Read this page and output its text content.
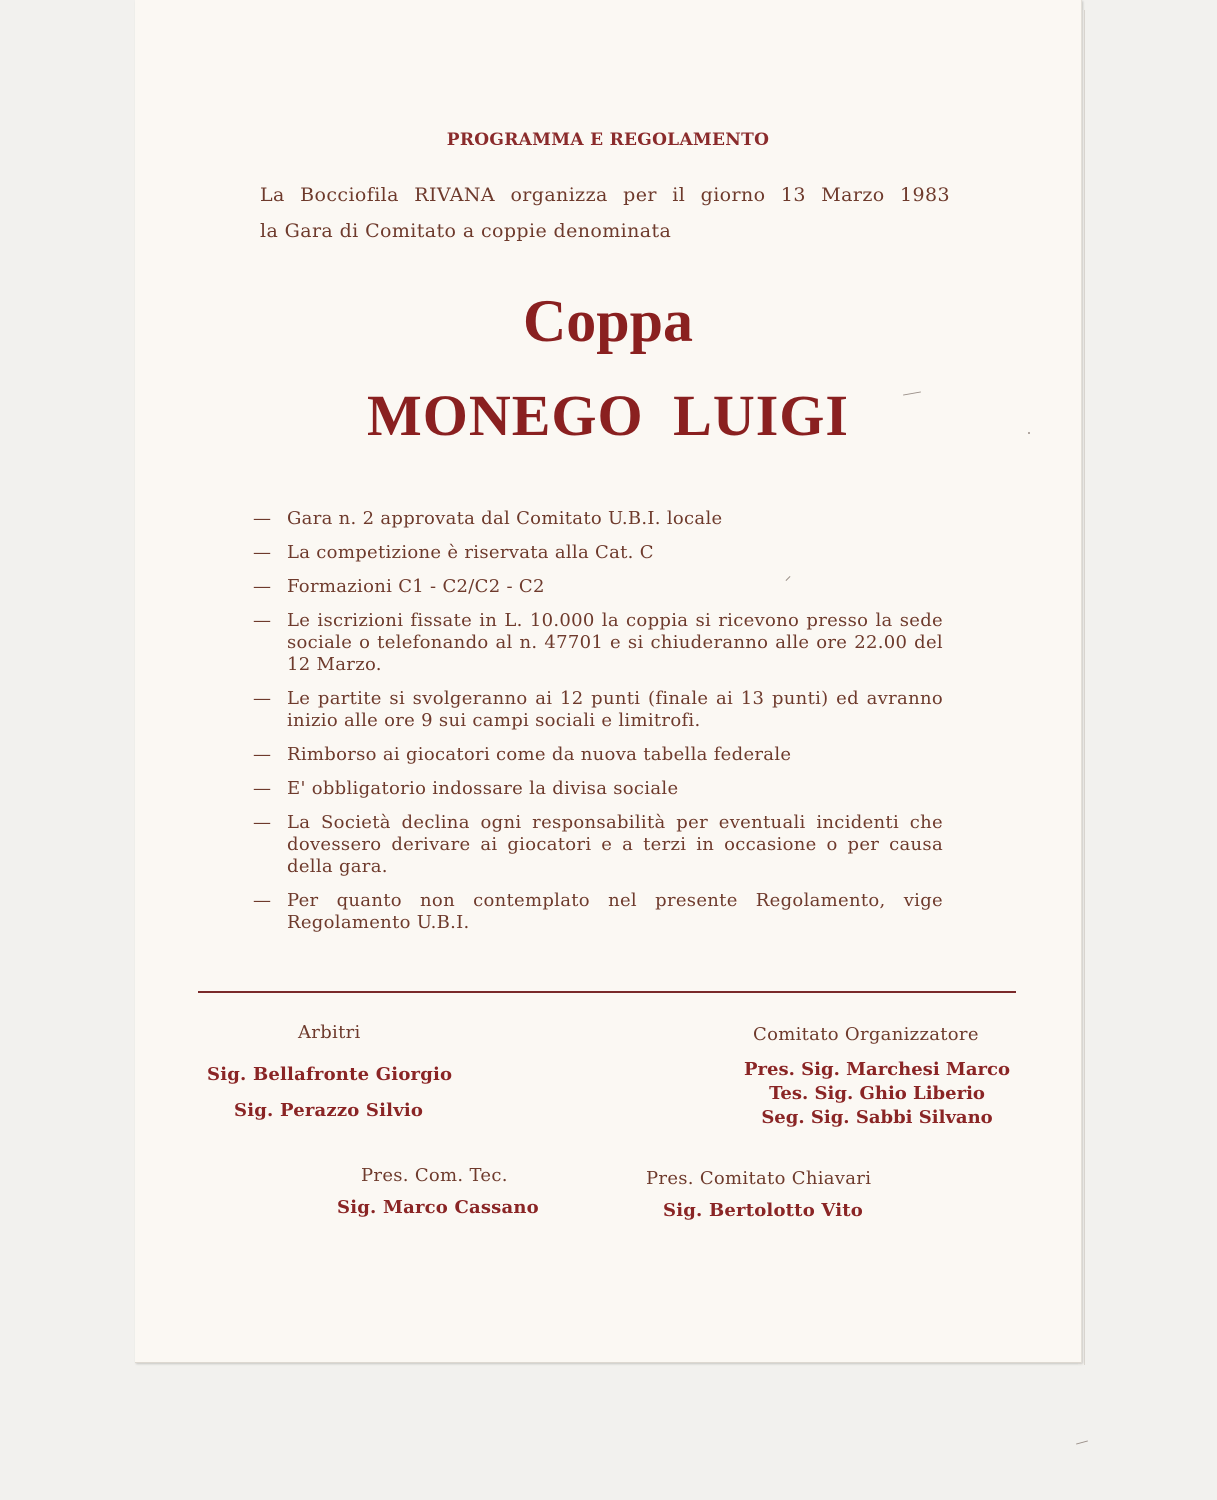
PROGRAMMA E REGOLAMENTO
La Bocciofila RIVANA organizza per il giorno 13 Marzo 1983
la Gara di Comitato a coppie denominata
Coppa
MONEGO LUIGI
— Gara n. 2 approvata dal Comitato U.B.I. locale
— La competizione è riservata alla Cat. C
— Formazioni C1 - C2/C2 - C2
— Le iscrizioni fissate in L. 10.000 la coppia si ricevono presso la sede sociale o telefonando al n. 47701 e si chiuderanno alle ore 22.00 del 12 Marzo.
— Le partite si svolgeranno ai 12 punti (finale ai 13 punti) ed avranno inizio alle ore 9 sui campi sociali e limitrofi.
— Rimborso ai giocatori come da nuova tabella federale
— E' obbligatorio indossare la divisa sociale
— La Società declina ogni responsabilità per eventuali incidenti che dovessero derivare ai giocatori e a terzi in occasione o per causa della gara.
— Per quanto non contemplato nel presente Regolamento, vige Regolamento U.B.I.
Arbitri
Sig. Bellafronte Giorgio
Sig. Perazzo Silvio
Comitato Organizzatore
Pres. Sig. Marchesi Marco
Tes. Sig. Ghio Liberio
Seg. Sig. Sabbi Silvano
Pres. Com. Tec.
Sig. Marco Cassano
Pres. Comitato Chiavari
Sig. Bertolotto Vito
